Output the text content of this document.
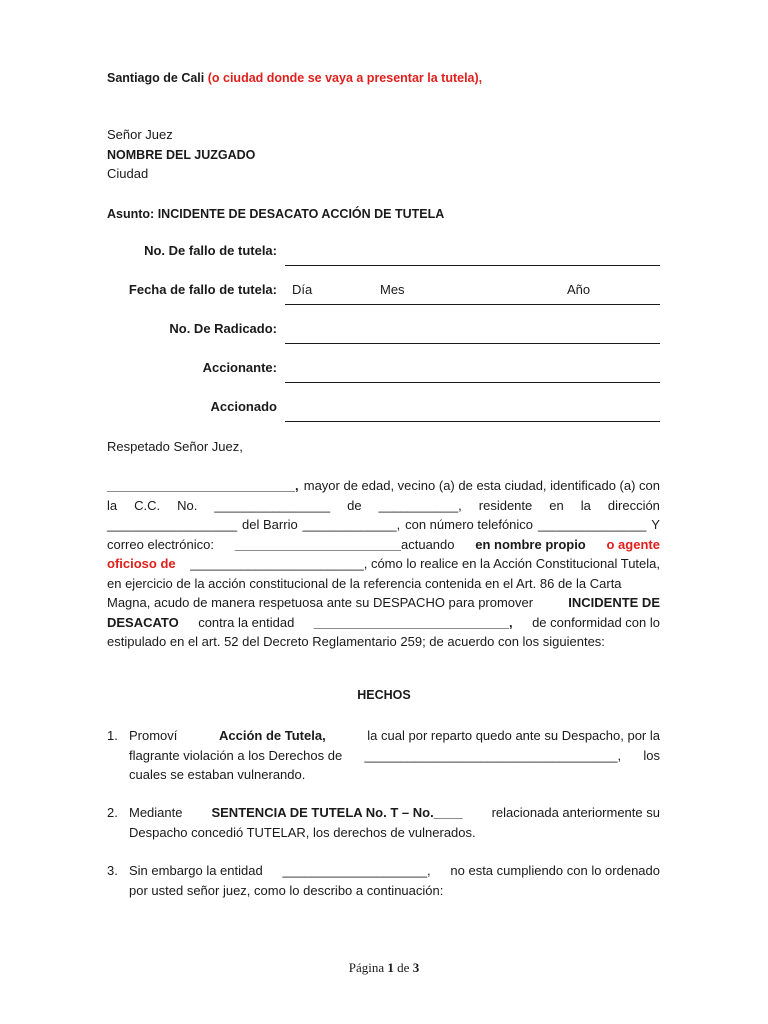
Santiago de Cali (o ciudad donde se vaya a presentar la tutela),
Señor Juez
NOMBRE DEL JUZGADO
Ciudad
Asunto: INCIDENTE DE DESACATO ACCIÓN DE TUTELA
No. De fallo de tutela:
Fecha de fallo de tutela: Día	Mes	Año
No. De Radicado:
Accionante:
Accionado
Respetado Señor Juez,
__________________________, mayor de edad, vecino (a) de esta ciudad, identificado (a) con
la C.C. No. ________________ de ___________, residente en la dirección
__________________ del Barrio _____________, con número telefónico _______________ Y
correo electrónico: _______________________actuando en nombre propio o agente
oficioso de ________________________, cómo lo realice en la Acción Constitucional Tutela,
en ejercicio de la acción constitucional de la referencia contenida en el Art. 86 de la Carta
Magna, acudo de manera respetuosa ante su DESPACHO para promover	INCIDENTE DE
DESACATO contra la entidad ___________________________, de conformidad con lo
estipulado en el art. 52 del Decreto Reglamentario 259; de acuerdo con los siguientes:
HECHOS
1. Promoví	Acción de Tutela,	la cual por reparto quedo ante su Despacho, por la
flagrante violación a los Derechos de ___________________________________, los
cuales se estaban vulnerando.
2. Mediante SENTENCIA DE TUTELA No. T – No.____ relacionada anteriormente su
Despacho concedió TUTELAR, los derechos de vulnerados.
3. Sin embargo la entidad ____________________, no esta cumpliendo con lo ordenado
por usted señor juez, como lo describo a continuación:
Página 1 de 3
